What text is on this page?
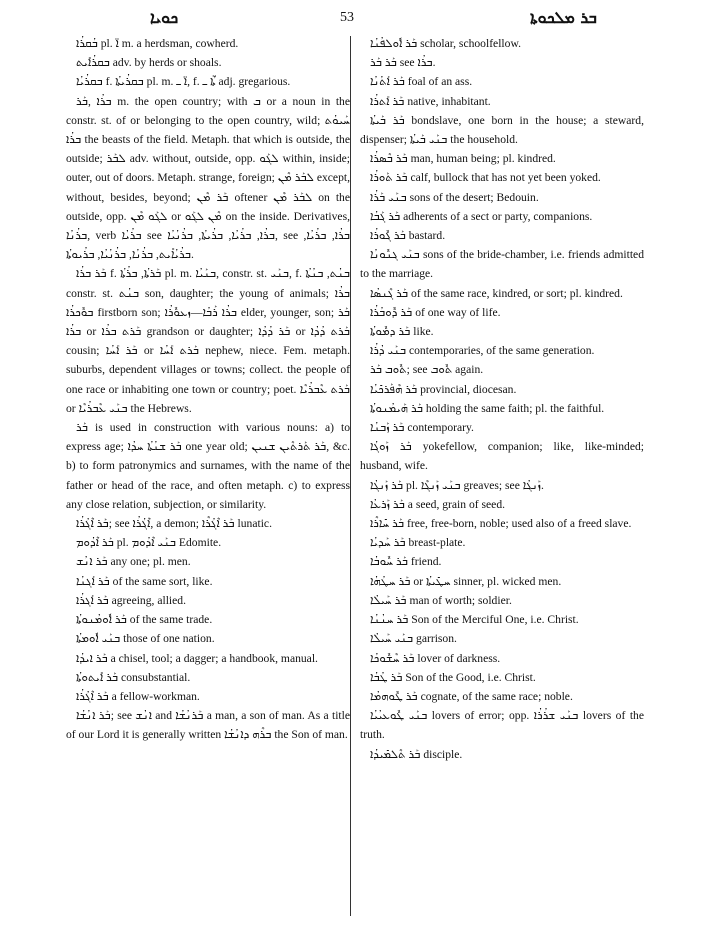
ܟܘܝܐ	53	ܒܪ ܡܠܟܘܬܐ

ܒܳܩܪܳܐ pl. ܐ̈ m. a herdsman, cowherd.

ܒܩܪܳܐܺܝܬ adv. by herds or shoals.

ܒܩܪܳܝܳܐ f. ܒܩܪܳܝܬܳܐ pl. m. ܐ̈ ـ, f. ܬ̈ܳܐ ـ adj. gregarious.

ܒܪܳܐ ,ܒܰܪ m. the open country; with ܒ or a noun in the constr. st. of or belonging to the open country, wild; ܚܰܝܘܳܬ ܒܪܳܐ the beasts of the field. Metaph. that which is outside, the outside; ܠܒܰܪ adv. without, outside, opp. ܠܓܰܘ within, inside; outer, out of doors. Metaph. strange, foreign; ܠܒܰܪ ܡܶܢ except, without, besides, beyond; ܒܰܪ ܡܶܢ oftener ܠܒܰܪ ܡܶܢ on the outside, opp. ܠܓܰܘ ܡܶܢ or ܡܶܢ ܠܓܰܘ on the inside. Derivatives, ܒܪܳܢܳܐ, verb ܒܪܳܝܳܐ see ܒܪܳܐ, ܒܪܳܝܳܐ, ܒܪܳܝܬܳܐ, ܒܪܳܢܳܝܳܐ, see ܒܪܳܐ, ܒܪܳܝܳܐ, ܒܪܳܝܳܐܺܝܬ, ܒܪܳܢܳܐ, ܒܪܳܢܳܝܳܐ, ܒܪܳܝܘܬܳܐ.

ܒܰܪ ܒܪܳܐ f. ܒܰܪܬܳܐ, ܒܪܳܬܳܐ pl. m. ܒܢܰܝܳܐ, constr. st. ܒܢܰܝ, f. ܒܢܳܬ, ܒܢܳܬܳܐ constr. st. ܒܢܳܬ son, daughter; the young of animals; ܒܪܳܐ ܒܘܽܟܪܳܐ firstborn son; ܒܪܳܐ ܪܰܒܳܐ—ܙܥܘܽܪܳܐ elder, younger, son; ܒܰܪ ܒܪܳܐ or ܒܰܪܬ ܒܪܳܐ grandson or daughter; ܒܰܪ ܕܳܕܳܐ or ܒܰܪܬ ܕܳܕܳܐ cousin; ܒܰܪ ܐܰܚܳܐ or ܒܰܪܬ ܐܰܚܳܐ nephew, niece. Fem. metaph. suburbs, dependent villages or towns; collect. the people of one race or inhabiting one town or country; poet. ܒܰܪܬ ܥܶܒܪܳܝܶܐ or ܒܢܰܝ ܥܶܒܪܳܝܶܐ the Hebrews.

ܒܰܪ is used in construction with various nouns: a) to express age; ܒܰܪ ܫܢܳܬܳܐ ܚܕܳܐ one year old; ܒܰܪ ܬܰܪܬܶܝܢ ܫܢܝܢ, &c. b) to form patronymics and surnames, with the name of the father or head of the race, and often metaph. c) to express any close relation, subjection, or similarity.

ܒܰܪ ܐܶܓܳܪܳܐ; see ܐܶܓܳܪܳܐ, a demon; ܒܰܪ ܐܶܓܳܪܶܐ lunatic.

ܒܰܪ ܐܶܕܳܘܡ pl. ܒܢܰܝ ܐܶܕܳܘܡ Edomite.

ܒܰܪ ܐܢܳܫ any one; pl. men.

ܒܰܪ ܐܰܓܢܳܐ of the same sort, like.

ܒܰܪ ܐܰܓܪܳܐ agreeing, allied.

ܒܰܪ ܐܽܘܡܳܢܘܬܳܐ of the same trade.

ܒܢܰܝ ܐܽܘܡܬܳܐ those of one nation.

ܒܰܪ ܐܝܕܳܐ a chisel, tool; a dagger; a handbook, manual.

ܒܰܪ ܐܺܝܬܘܬܳܐ consubstantial.

ܒܰܪ ܐܶܓܳܪܳܐ a fellow-workman.

ܒܰܪ ܐܢܳܫܳܐ; see ܐܢܳܫ and ܒܰܪܢܳܫܳܐ a man, a son of man. As a title of our Lord it is generally written ܒܪܶܗ ܕܐܢܳܫܳܐ the Son of man.

ܒܰܪ ܐܽܘܠܦܳܢܳܐ scholar, schoolfellow.

ܒܰܪ ܒܰܪ see ܒܪܳܐ.

ܒܰܪ ܐܰܬܳܢܳܐ foal of an ass.

ܒܰܪ ܐܰܬܪܳܐ native, inhabitant.

ܒܰܪ ܒܰܝܬܳܐ bondslave, one born in the house; a steward, dispenser; ܒܢܰܝ ܒܰܝܬܳܐ the household.

ܒܰܪ ܒܶܣܪܳܐ man, human being; pl. kindred.

ܒܰܪ ܬܰܘܪܳܐ calf, bullock that has not yet been yoked.

ܒܢܰܝ ܒܰܪܳܐ sons of the desert; Bedouin.

ܒܰܪ ܓܰܒܳܐ adherents of a sect or party, companions.

ܒܰܪ ܓܽܘܪܳܐ bastard.

ܒܢܰܝ ܓܢܽܘܢܳܐ sons of the bride-chamber, i.e. friends admitted to the marriage.

ܒܰܪ ܓܶܢܣܳܐ of the same race, kindred, or sort; pl. kindred.

ܒܰܪ ܕܽܘܒܳܪܳܐ of one way of life.

ܒܰܪ ܕܡܽܘܬܳܐ like.

ܒܢܰܝ ܕܳܪܳܐ contemporaries, of the same generation.

ܬܽܘܒ ܒܰܪ; see ܬܽܘܒ again.

ܒܰܪ ܗܶܦܰܪܟܺܝܳܐ provincial, diocesan.

ܒܰܪ ܗܰܝܡܳܢܘܬܳܐ holding the same faith; pl. the faithful.

ܒܰܪ ܙܰܒܢܳܐ contemporary.

ܒܰܪ ܙܰܘܓܳܐ yokefellow, companion; like, like-minded; husband, wife.

ܒܰܪ ܙܰܢܓܳܐ pl. ܒܢܰܝ ܙܰܢܓܶܐ greaves; see ܙܰܢܓܳܐ.

ܒܰܪ ܙܰܪܥܳܐ a seed, grain of seed.

ܒܰܪ ܚܺܐܪܶܐ free, free-born, noble; used also of a freed slave.

ܒܰܪ ܚܰܕܝܳܐ breast-plate.

ܒܰܪ ܚܽܘܒܳܐ friend.

ܒܰܪ ܚܛܳܗܳܐ or ܚܛܺܝܬܳܐ sinner, pl. wicked men.

ܒܰܪ ܚܰܝܠܳܐ man of worth; soldier.

ܒܰܪ ܚܢܳܢܳܐ Son of the Merciful One, i.e. Christ.

ܒܢܰܝ ܚܰܝܠܳܐ garrison.

ܒܰܪ ܚܶܫܽܘܟܳܐ lover of darkness.

ܒܰܪ ܛܳܒܳܐ Son of the Good, i.e. Christ.

ܒܰܪ ܛܽܘܗܡܳܐ cognate, of the same race; noble.

ܒܢܰܝ ܛܽܘܥܝܳܝܳܐ lovers of error; opp. ܒܢܰܝ ܫܪܳܪܳܐ lovers of the truth.

ܒܰܪ ܬܶܠܡܺܝܕܳܐ disciple.
